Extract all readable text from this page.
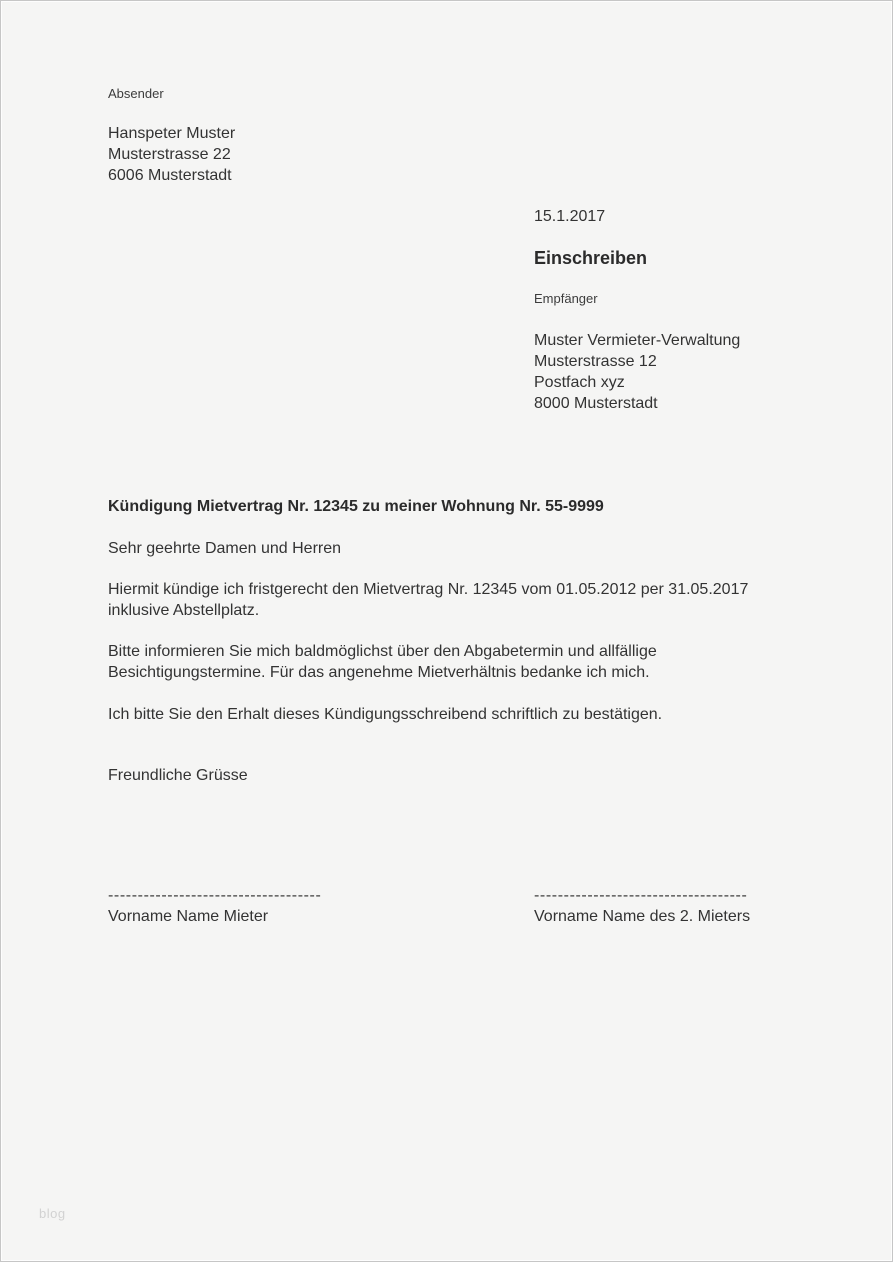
Absender
Hanspeter Muster
Musterstrasse 22
6006 Musterstadt
15.1.2017
Einschreiben
Empfänger
Muster Vermieter-Verwaltung
Musterstrasse 12
Postfach xyz
8000 Musterstadt
Kündigung Mietvertrag Nr. 12345 zu meiner Wohnung Nr. 55-9999
Sehr geehrte Damen und Herren
Hiermit kündige ich fristgerecht den Mietvertrag Nr. 12345 vom 01.05.2012 per 31.05.2017 inklusive Abstellplatz.
Bitte informieren Sie mich baldmöglichst über den Abgabetermin und allfällige Besichtigungstermine. Für das angenehme Mietverhältnis bedanke ich mich.
Ich bitte Sie den Erhalt dieses Kündigungsschreibend schriftlich zu bestätigen.
Freundliche Grüsse
------------------------------------
Vorname Name Mieter
------------------------------------
Vorname Name des 2. Mieters
blog
